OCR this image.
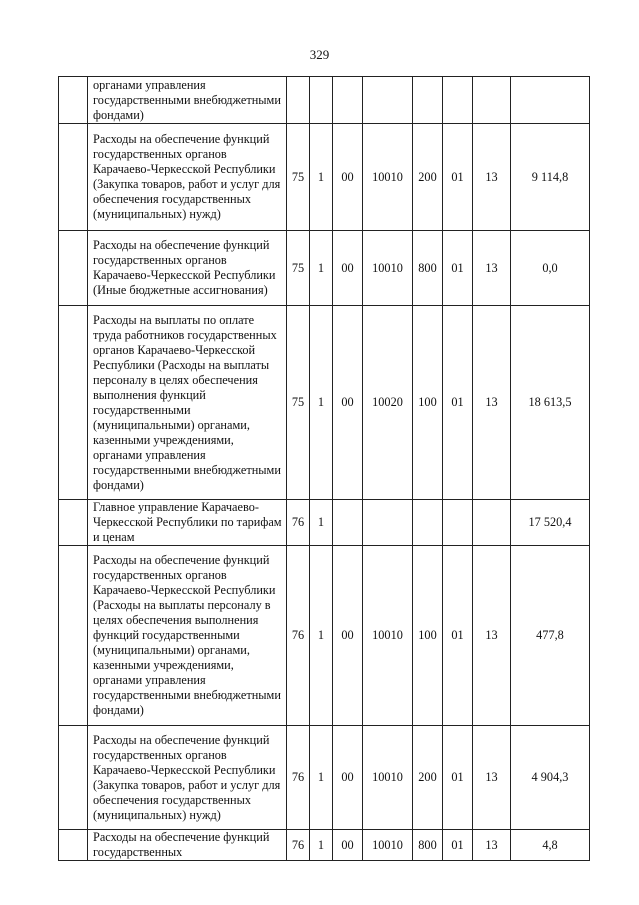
329
	органами управления государственными внебюджетными фондами)								
	Расходы на обеспечение функций государственных органов Карачаево-Черкесской Республики (Закупка товаров, работ и услуг для обеспечения государственных (муниципальных) нужд)	75	1	00	10010	200	01	13	9 114,8
	Расходы на обеспечение функций государственных органов Карачаево-Черкесской Республики (Иные бюджетные ассигнования)	75	1	00	10010	800	01	13	0,0
	Расходы на выплаты по оплате труда работников государственных органов Карачаево-Черкесской Республики (Расходы на выплаты персоналу в целях обеспечения выполнения функций государственными (муниципальными) органами, казенными учреждениями, органами управления государственными внебюджетными фондами)	75	1	00	10020	100	01	13	18 613,5
	Главное управление Карачаево-Черкесской Республики по тарифам и ценам	76	1						17 520,4
	Расходы на обеспечение функций государственных органов Карачаево-Черкесской Республики (Расходы на выплаты персоналу в целях обеспечения выполнения функций государственными (муниципальными) органами, казенными учреждениями, органами управления государственными внебюджетными фондами)	76	1	00	10010	100	01	13	477,8
	Расходы на обеспечение функций государственных органов Карачаево-Черкесской Республики (Закупка товаров, работ и услуг для обеспечения государственных (муниципальных) нужд)	76	1	00	10010	200	01	13	4 904,3
	Расходы на обеспечение функций государственных	76	1	00	10010	800	01	13	4,8
